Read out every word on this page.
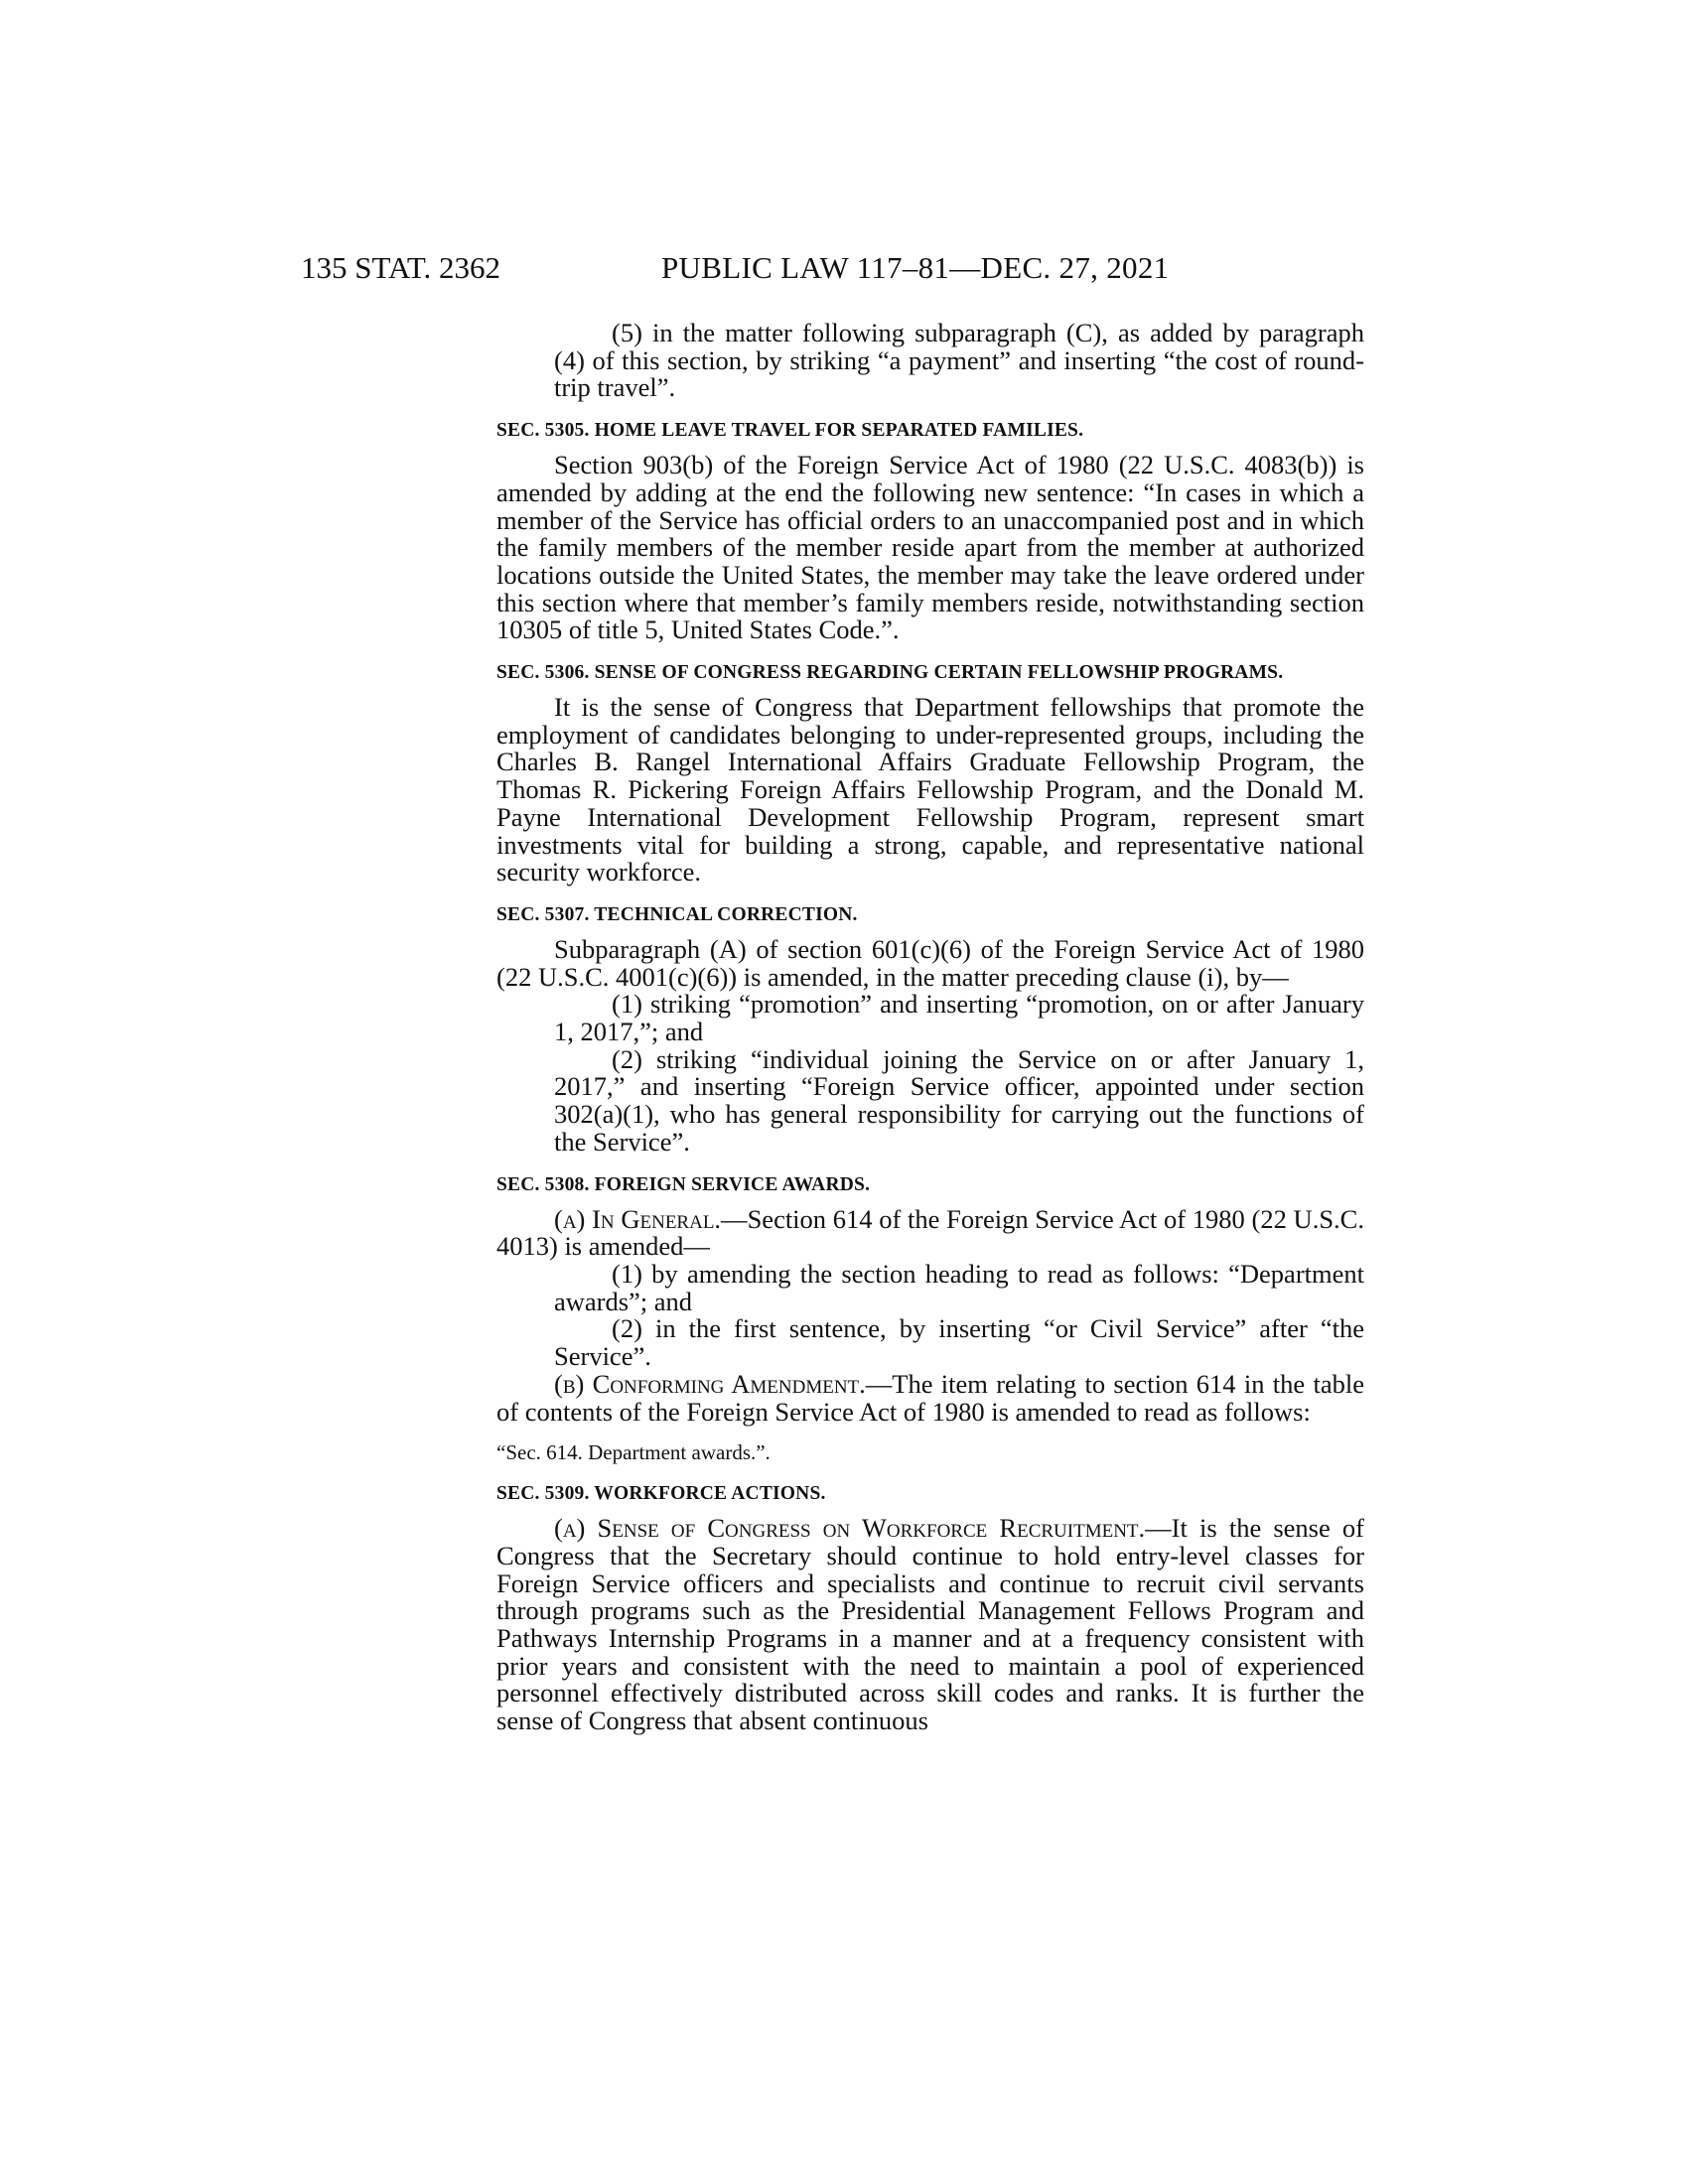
135 STAT. 2362	PUBLIC LAW 117–81—DEC. 27, 2021

(5) in the matter following subparagraph (C), as added by paragraph (4) of this section, by striking “a payment” and inserting “the cost of round-trip travel”.

SEC. 5305. HOME LEAVE TRAVEL FOR SEPARATED FAMILIES.

Section 903(b) of the Foreign Service Act of 1980 (22 U.S.C. 4083(b)) is amended by adding at the end the following new sentence: “In cases in which a member of the Service has official orders to an unaccompanied post and in which the family members of the member reside apart from the member at authorized locations outside the United States, the member may take the leave ordered under this section where that member’s family members reside, notwithstanding section 10305 of title 5, United States Code.”.

SEC. 5306. SENSE OF CONGRESS REGARDING CERTAIN FELLOWSHIP PROGRAMS.

It is the sense of Congress that Department fellowships that promote the employment of candidates belonging to under-represented groups, including the Charles B. Rangel International Affairs Graduate Fellowship Program, the Thomas R. Pickering Foreign Affairs Fellowship Program, and the Donald M. Payne International Development Fellowship Program, represent smart investments vital for building a strong, capable, and representative national security workforce.

SEC. 5307. TECHNICAL CORRECTION.

Subparagraph (A) of section 601(c)(6) of the Foreign Service Act of 1980 (22 U.S.C. 4001(c)(6)) is amended, in the matter preceding clause (i), by—

(1) striking “promotion” and inserting “promotion, on or after January 1, 2017,”; and

(2) striking “individual joining the Service on or after January 1, 2017,” and inserting “Foreign Service officer, appointed under section 302(a)(1), who has general responsibility for carrying out the functions of the Service”.

SEC. 5308. FOREIGN SERVICE AWARDS.

(a) In General.—Section 614 of the Foreign Service Act of 1980 (22 U.S.C. 4013) is amended—

(1) by amending the section heading to read as follows: “Department awards”; and

(2) in the first sentence, by inserting “or Civil Service” after “the Service”.

(b) Conforming Amendment.—The item relating to section 614 in the table of contents of the Foreign Service Act of 1980 is amended to read as follows:

“Sec. 614. Department awards.”.
SEC. 5309. WORKFORCE ACTIONS.

(a) Sense of Congress on Workforce Recruitment.—It is the sense of Congress that the Secretary should continue to hold entry-level classes for Foreign Service officers and specialists and continue to recruit civil servants through programs such as the Presidential Management Fellows Program and Pathways Internship Programs in a manner and at a frequency consistent with prior years and consistent with the need to maintain a pool of experienced personnel effectively distributed across skill codes and ranks. It is further the sense of Congress that absent continuous
